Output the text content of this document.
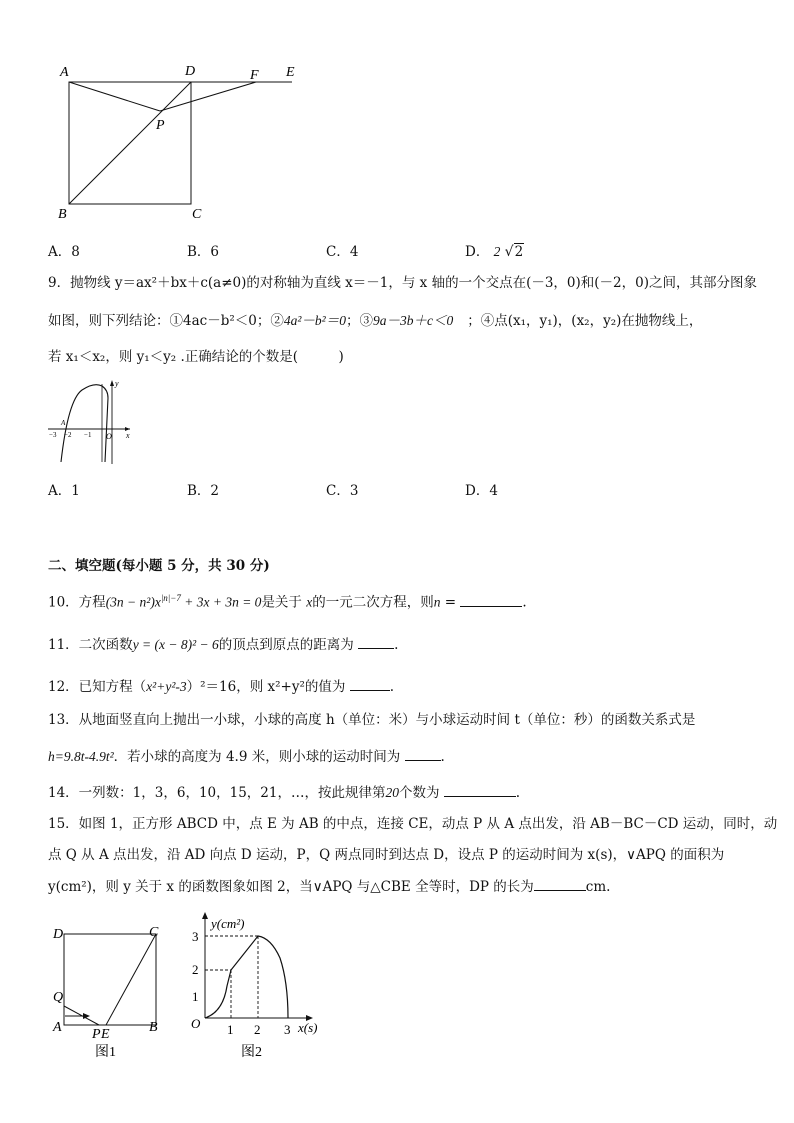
A	D	F E
P
B	C
A．8	B．6	C．4	D． 2 √2
9．抛物线 y＝ax²＋bx＋c(a≠0)的对称轴为直线 x＝－1，与 x 轴的一个交点在(－3，0)和(－2，0)之间，其部分图象
如图，则下列结论：①4ac－b²＜0；②4a²－b²＝0；③9a－3b＋c＜0 ；④点(x₁，y₁)，(x₂，y₂)在抛物线上，
若 x₁＜x₂，则 y₁＜y₂ .正确结论的个数是(　　　)
y
x
O
−3 −2 −1
A
A．1	B．2	C．3	D．4
二、填空题(每小题 5 分，共 30 分)
10．方程$(3n - n^2)x^{|n|-7} + 3x + 3n = 0$是关于 x的一元二次方程，则n =	.
11．二次函数y = (x − 8)² − 6的顶点到原点的距离为	.
12．已知方程（x²+y²-3）²＝16，则 x²+y²的值为	.
13．从地面竖直向上抛出一小球，小球的高度 h（单位：米）与小球运动时间 t（单位：秒）的函数关系式是
h=9.8t-4.9t²．若小球的高度为 4.9 米，则小球的运动时间为	.
14．一列数：1，3，6，10，15，21，…，按此规律第20个数为	.
15．如图 1，正方形 ABCD 中，点 E 为 AB 的中点，连接 CE，动点 P 从 A 点出发，沿 AB－BC－CD 运动，同时，动
点 Q 从 A 点出发，沿 AD 向点 D 运动，P，Q 两点同时到达点 D，设点 P 的运动时间为 x(s)，∨APQ 的面积为
y(cm²)，则 y 关于 x 的函数图象如图 2，当∨APQ 与△CBE 全等时，DP 的长为	cm.
D	C
Q
A P E	B
图1
y(cm²)
x(s)
O 1 2 3
1
2
3
图2
